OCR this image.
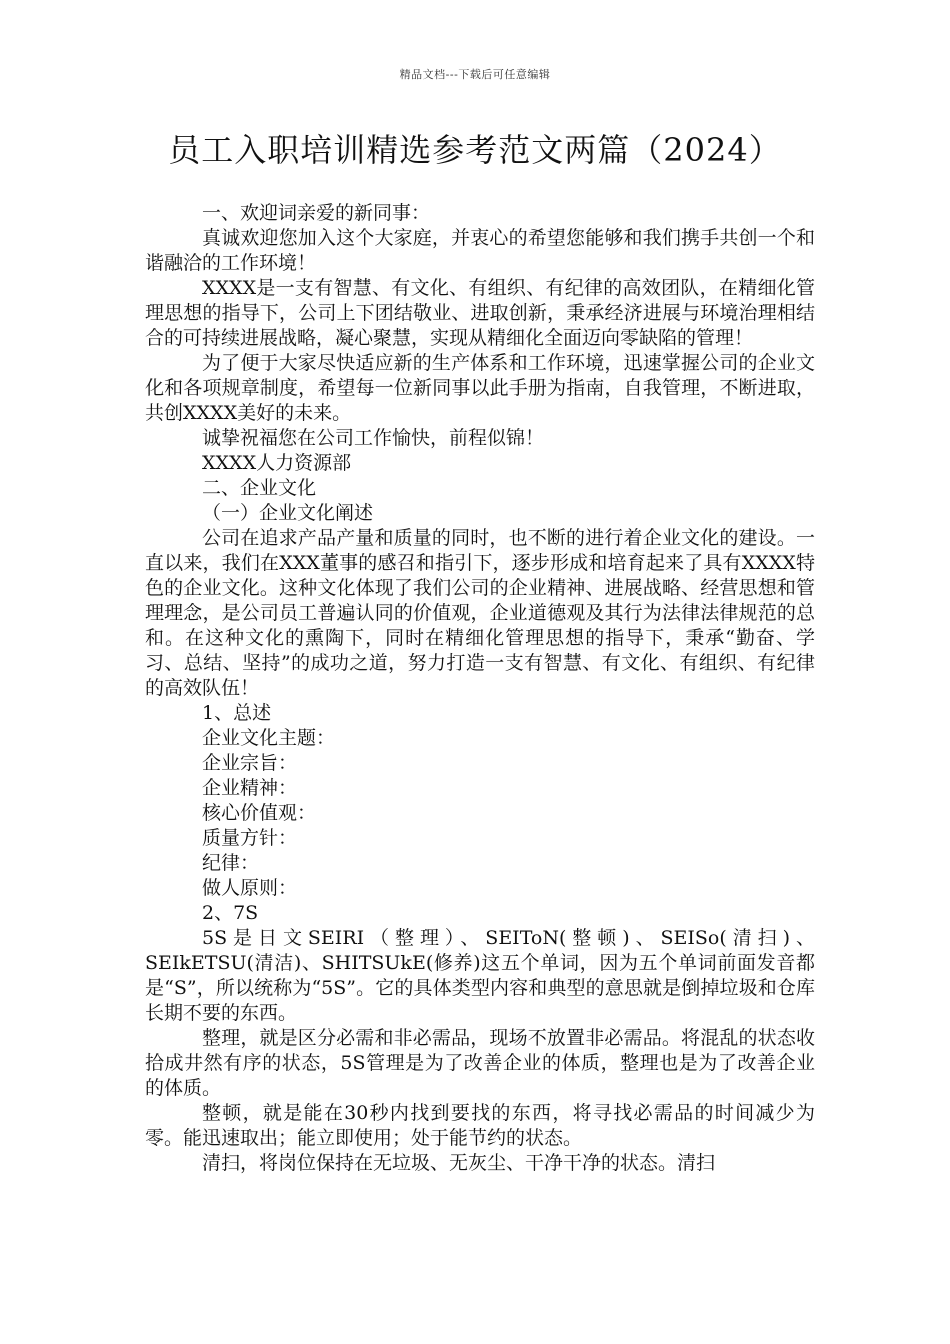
精品文档---下载后可任意编辑
员工入职培训精选参考范文两篇（2024）

一、欢迎词亲爱的新同事：

真诚欢迎您加入这个大家庭，并衷心的希望您能够和我们携手共创一个和谐融洽的工作环境！

XXXX是一支有智慧、有文化、有组织、有纪律的高效团队，在精细化管理思想的指导下，公司上下团结敬业、进取创新，秉承经济进展与环境治理相结合的可持续进展战略，凝心聚慧，实现从精细化全面迈向零缺陷的管理！

为了便于大家尽快适应新的生产体系和工作环境，迅速掌握公司的企业文化和各项规章制度，希望每一位新同事以此手册为指南，自我管理，不断进取，共创XXXX美好的未来。

诚挚祝福您在公司工作愉快，前程似锦！

XXXX人力资源部

二、企业文化

（一）企业文化阐述

公司在追求产品产量和质量的同时，也不断的进行着企业文化的建设。一直以来，我们在XXX董事的感召和指引下，逐步形成和培育起来了具有XXXX特色的企业文化。这种文化体现了我们公司的企业精神、进展战略、经营思想和管理理念，是公司员工普遍认同的价值观，企业道德观及其行为法律法律规范的总和。在这种文化的熏陶下，同时在精细化管理思想的指导下，秉承“勤奋、学习、总结、坚持”的成功之道，努力打造一支有智慧、有文化、有组织、有纪律的高效队伍！

1、总述

企业文化主题：

企业宗旨：

企业精神：

核心价值观：

质量方针：

纪律：

做人原则：

2、7S

5S是日文SEIRI（整理）、SEIToN(整顿)、SEISo(清扫)、SEIkETSU(清洁)、SHITSUkE(修养)这五个单词，因为五个单词前面发音都是“S”，所以统称为“5S”。它的具体类型内容和典型的意思就是倒掉垃圾和仓库长期不要的东西。

整理，就是区分必需和非必需品，现场不放置非必需品。将混乱的状态收拾成井然有序的状态，5S管理是为了改善企业的体质，整理也是为了改善企业的体质。

整顿，就是能在30秒内找到要找的东西，将寻找必需品的时间减少为零。能迅速取出；能立即使用；处于能节约的状态。

清扫，将岗位保持在无垃圾、无灰尘、干净干净的状态。清扫
